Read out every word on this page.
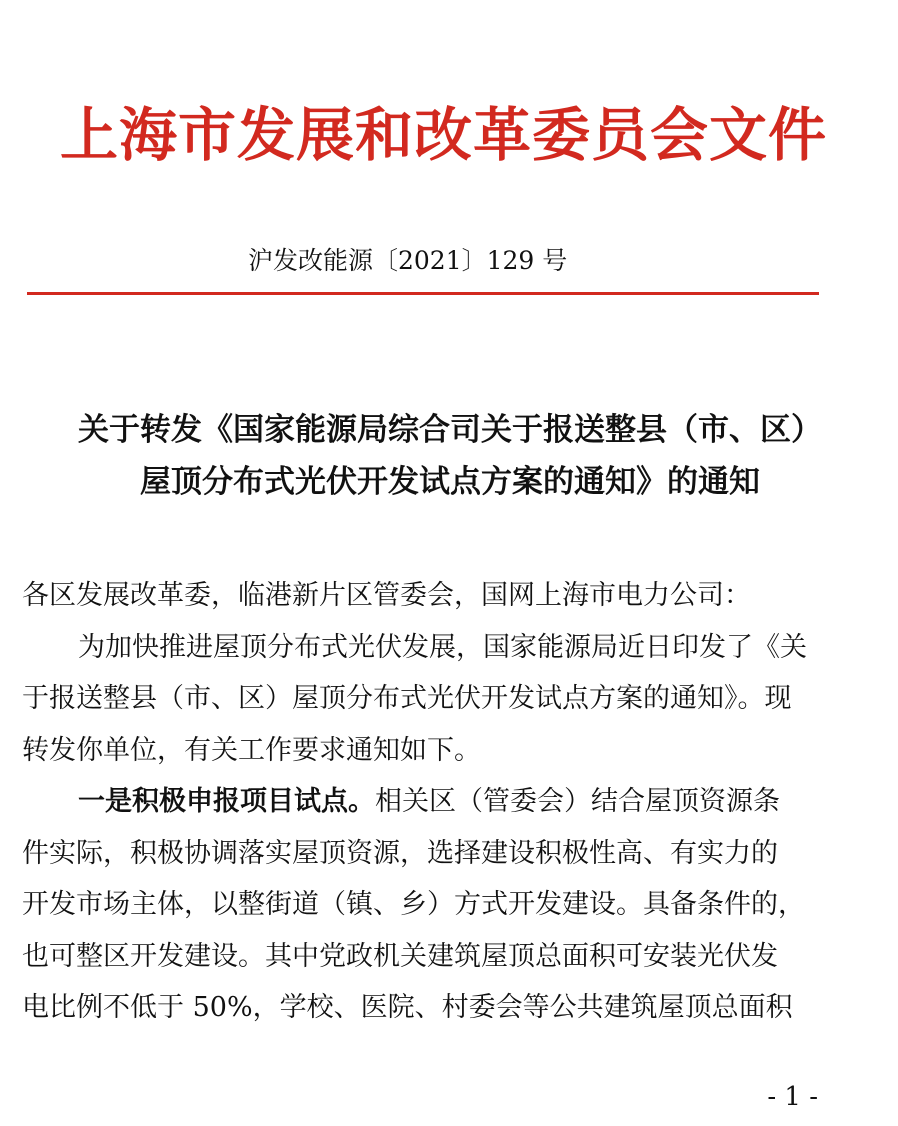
上海市发展和改革委员会文件
沪发改能源〔2021〕129 号
关于转发《国家能源局综合司关于报送整县（市、区）
屋顶分布式光伏开发试点方案的通知》的通知
各区发展改革委，临港新片区管委会，国网上海市电力公司：
为加快推进屋顶分布式光伏发展，国家能源局近日印发了《关
于报送整县（市、区）屋顶分布式光伏开发试点方案的通知》。现
转发你单位，有关工作要求通知如下。
一是积极申报项目试点。相关区（管委会）结合屋顶资源条
件实际，积极协调落实屋顶资源，选择建设积极性高、有实力的
开发市场主体，以整街道（镇、乡）方式开发建设。具备条件的，
也可整区开发建设。其中党政机关建筑屋顶总面积可安装光伏发
电比例不低于 50%，学校、医院、村委会等公共建筑屋顶总面积
- 1 -
